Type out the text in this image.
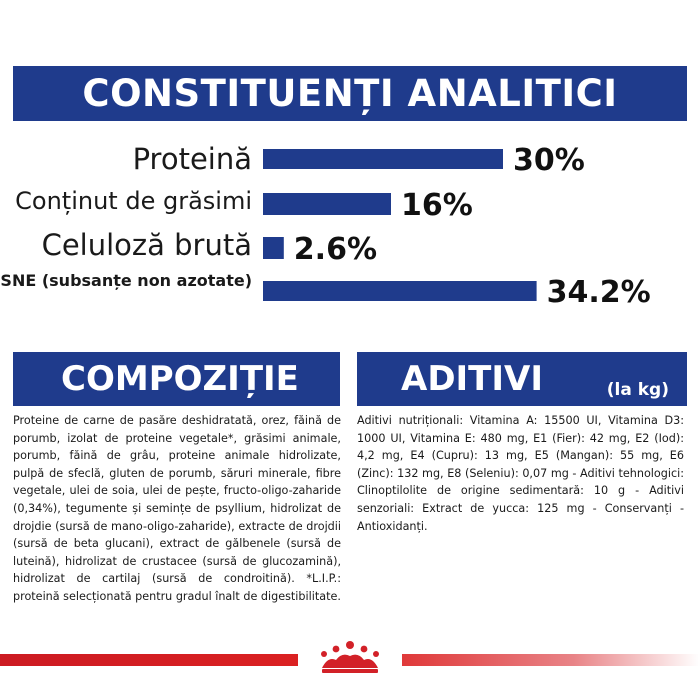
CONSTITUENȚI ANALITICI
Proteină	30%
Conținut de grăsimi	16%
Celuloză brută 2.6%
SNE (subsanțe non azotate)	34.2%
COMPOZIȚIE	ADITIVI	(la kg)

Proteine de carne de pasăre deshidratată, orez, făină de porumb, izolat de proteine vegetale*, grăsimi animale, porumb, făină de grâu, proteine animale hidrolizate, pulpă de sfeclă, gluten de porumb, săruri minerale, fibre vegetale, ulei de soia, ulei de pește, fructo-oligo-zaharide (0,34%), tegumente și semințe de psyllium, hidrolizat de drojdie (sursă de mano-oligo-zaharide), extracte de drojdii (sursă de beta glucani), extract de gălbenele (sursă de luteină), hidrolizat de crustacee (sursă de glucozamină), hidrolizat de cartilaj (sursă de condroitină). *L.I.P.: proteină selecționată pentru gradul înalt de digestibilitate.

Aditivi nutriționali: Vitamina A: 15500 UI, Vitamina D3: 1000 UI, Vitamina E: 480 mg, E1 (Fier): 42 mg, E2 (Iod): 4,2 mg, E4 (Cupru): 13 mg, E5 (Mangan): 55 mg, E6 (Zinc): 132 mg, E8 (Seleniu): 0,07 mg - Aditivi tehnologici: Clinoptilolite de origine sedimentară: 10 g - Aditivi senzoriali: Extract de yucca: 125 mg - Conservanți - Antioxidanți.
